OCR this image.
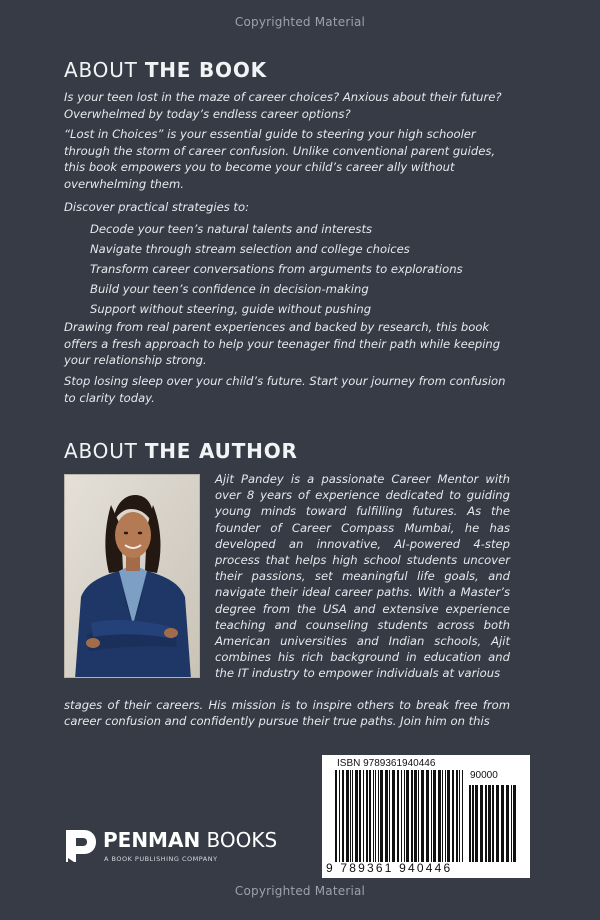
Copyrighted Material
ABOUT THE BOOK

Is your teen lost in the maze of career choices? Anxious about their future? Overwhelmed by today’s endless career options?

“Lost in Choices” is your essential guide to steering your high schooler through the storm of career confusion. Unlike conventional parent guides, this book empowers you to become your child’s career ally without overwhelming them.

Discover practical strategies to:

Decode your teen’s natural talents and interests
Navigate through stream selection and college choices
Transform career conversations from arguments to explorations
Build your teen’s confidence in decision-making
Support without steering, guide without pushing

Drawing from real parent experiences and backed by research, this book offers a fresh approach to help your teenager find their path while keeping your relationship strong.

Stop losing sleep over your child’s future. Start your journey from confusion to clarity today.

ABOUT THE AUTHOR

Ajit Pandey is a passionate Career Mentor with over 8 years of experience dedicated to guiding young minds toward fulfilling futures. As the founder of Career Compass Mumbai, he has developed an innovative, AI-powered 4-step process that helps high school students uncover their passions, set meaningful life goals, and navigate their ideal career paths. With a Master’s degree from the USA and extensive experience teaching and counseling students across both American universities and Indian schools, Ajit combines his rich background in education and the IT industry to empower individuals at various

stages of their careers. His mission is to inspire others to break free from career confusion and confidently pursue their true paths. Join him on this

ISBN 9789361940446
90000
9 789361 940446
PENMAN BOOKS
A BOOK PUBLISHING COMPANY
Copyrighted Material
